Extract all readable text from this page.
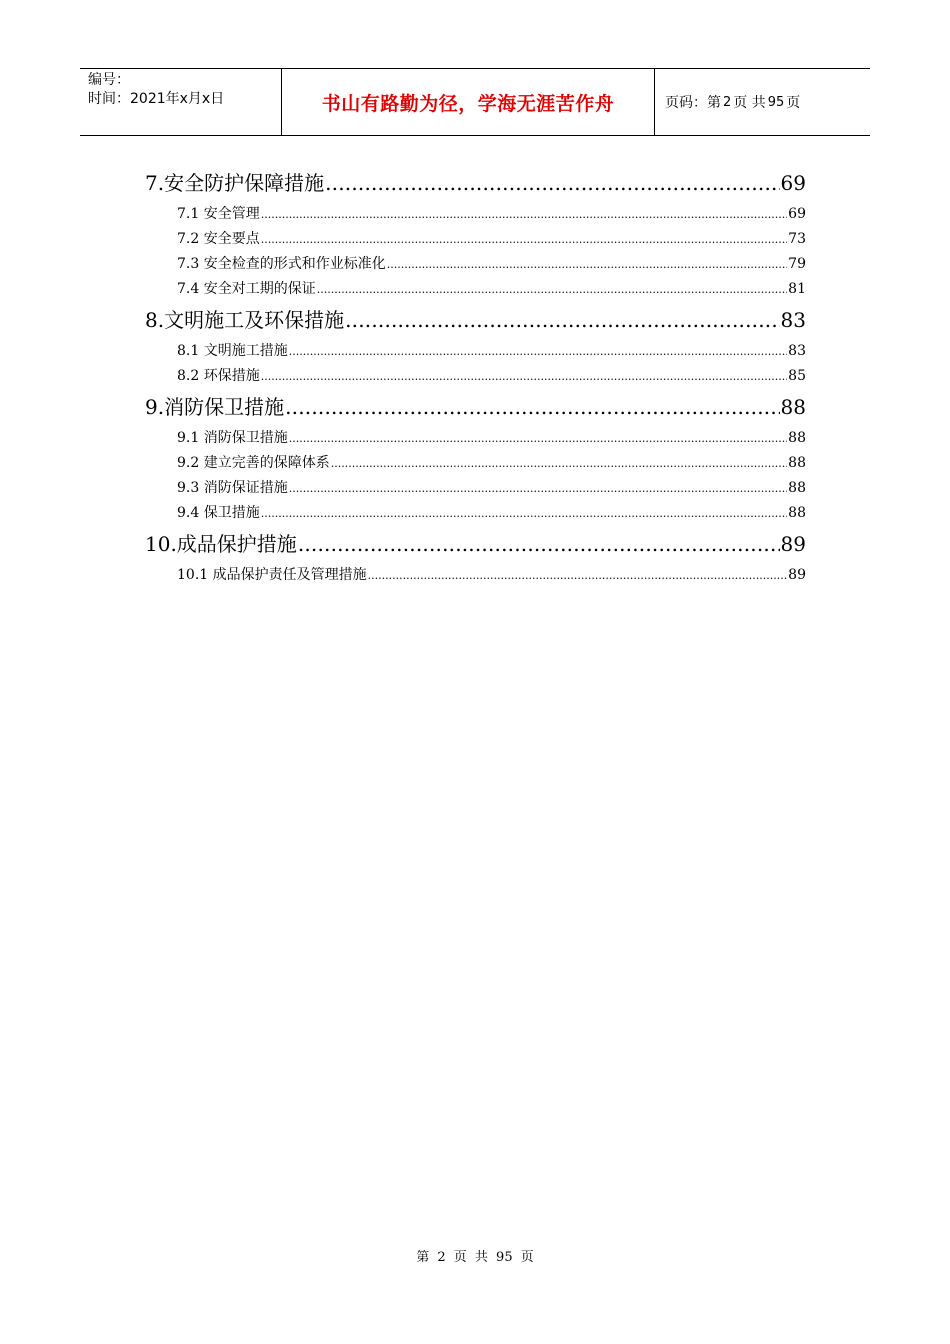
编号：
时间：2021年x月x日	书山有路勤为径，学海无涯苦作舟	页码：第 2 页 共 95 页
7.安全防护保障措施 .....	69
7.1 安全管理 .....	69
7.2 安全要点 .....	73
7.3 安全检查的形式和作业标准化 .....	79
7.4 安全对工期的保证 .....	81
8.文明施工及环保措施 .....	83
8.1 文明施工措施 .....	83
8.2 环保措施 .....	85
9.消防保卫措施 .....	88
9.1 消防保卫措施 .....	88
9.2 建立完善的保障体系 .....	88
9.3 消防保证措施 .....	88
9.4 保卫措施 .....	88
10.成品保护措施 .....	89
10.1 成品保护责任及管理措施 .....	89
第 2 页 共 95 页
